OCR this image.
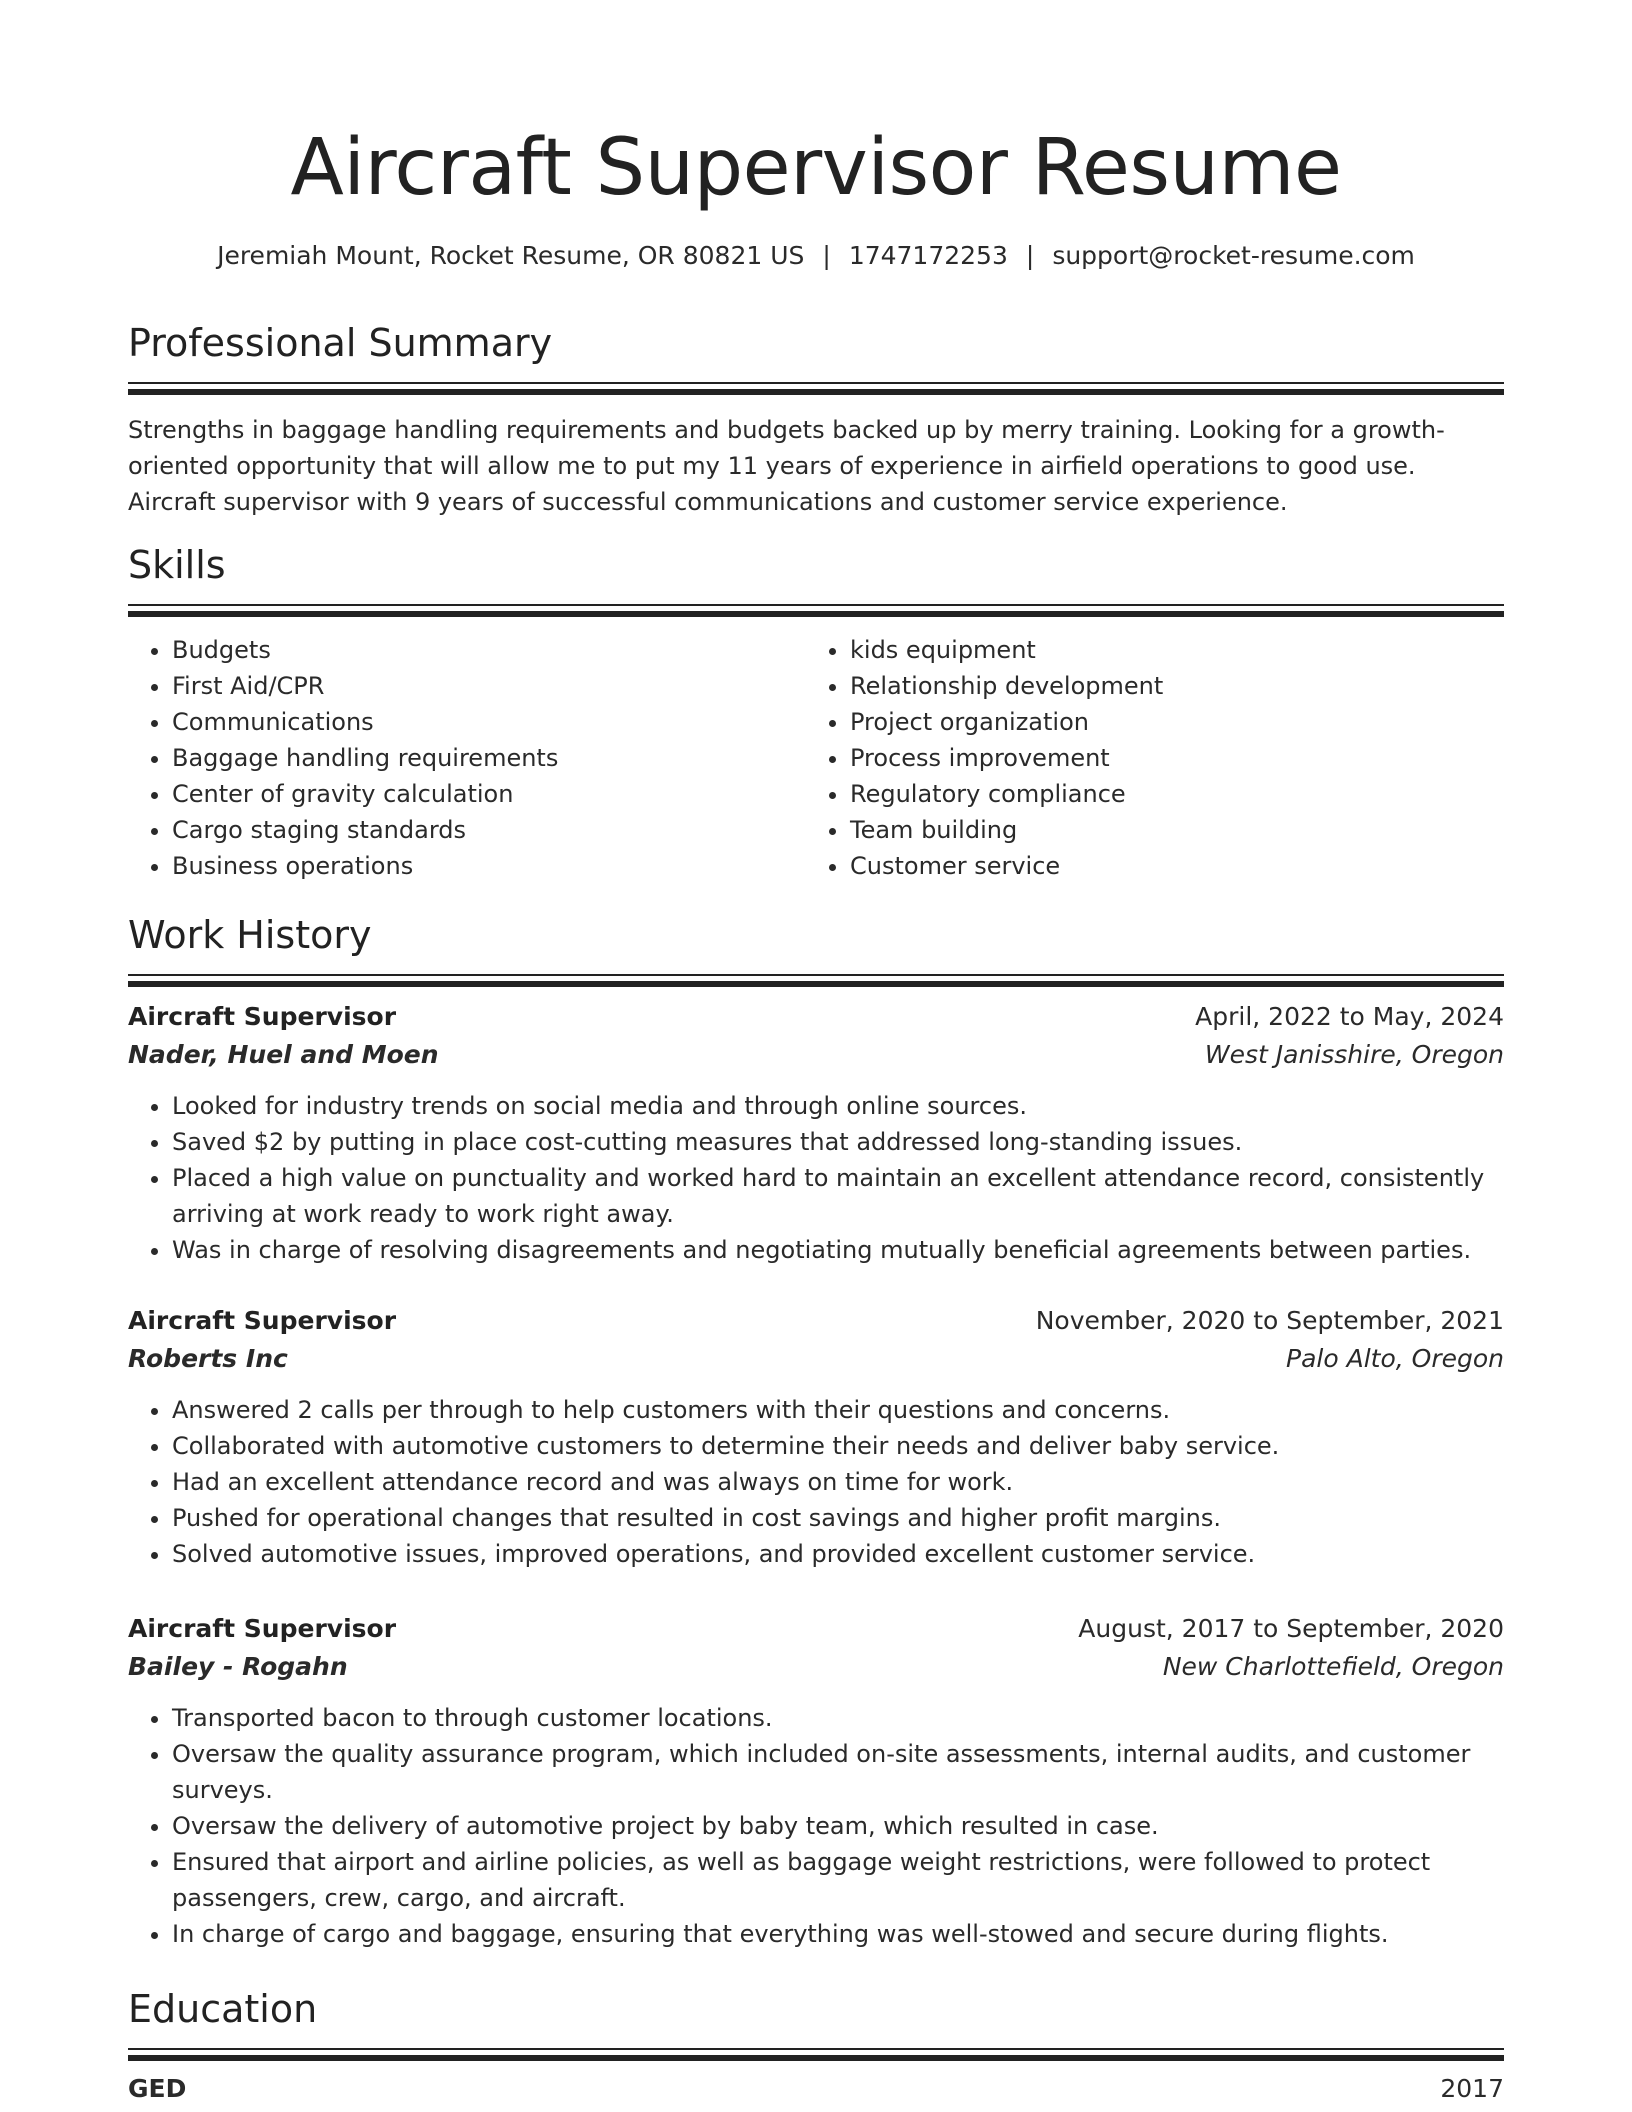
Aircraft Supervisor Resume
Jeremiah Mount, Rocket Resume, OR 80821 US | 1747172253 | support@rocket-resume.com
Professional Summary
Strengths in baggage handling requirements and budgets backed up by merry training. Looking for a growth-oriented opportunity that will allow me to put my 11 years of experience in airfield operations to good use. Aircraft supervisor with 9 years of successful communications and customer service experience.
Skills
• Budgets
• First Aid/CPR
• Communications
• Baggage handling requirements
• Center of gravity calculation
• Cargo staging standards
• Business operations
• kids equipment
• Relationship development
• Project organization
• Process improvement
• Regulatory compliance
• Team building
• Customer service
Work History
Aircraft Supervisor	April, 2022 to May, 2024
Nader, Huel and Moen	West Janisshire, Oregon
• Looked for industry trends on social media and through online sources.
• Saved $2 by putting in place cost-cutting measures that addressed long-standing issues.
• Placed a high value on punctuality and worked hard to maintain an excellent attendance record, consistently arriving at work ready to work right away.
• Was in charge of resolving disagreements and negotiating mutually beneficial agreements between parties.
Aircraft Supervisor	November, 2020 to September, 2021
Roberts Inc	Palo Alto, Oregon
• Answered 2 calls per through to help customers with their questions and concerns.
• Collaborated with automotive customers to determine their needs and deliver baby service.
• Had an excellent attendance record and was always on time for work.
• Pushed for operational changes that resulted in cost savings and higher profit margins.
• Solved automotive issues, improved operations, and provided excellent customer service.
Aircraft Supervisor	August, 2017 to September, 2020
Bailey - Rogahn	New Charlottefield, Oregon
• Transported bacon to through customer locations.
• Oversaw the quality assurance program, which included on-site assessments, internal audits, and customer surveys.
• Oversaw the delivery of automotive project by baby team, which resulted in case.
• Ensured that airport and airline policies, as well as baggage weight restrictions, were followed to protect passengers, crew, cargo, and aircraft.
• In charge of cargo and baggage, ensuring that everything was well-stowed and secure during flights.
Education
GED	2017
